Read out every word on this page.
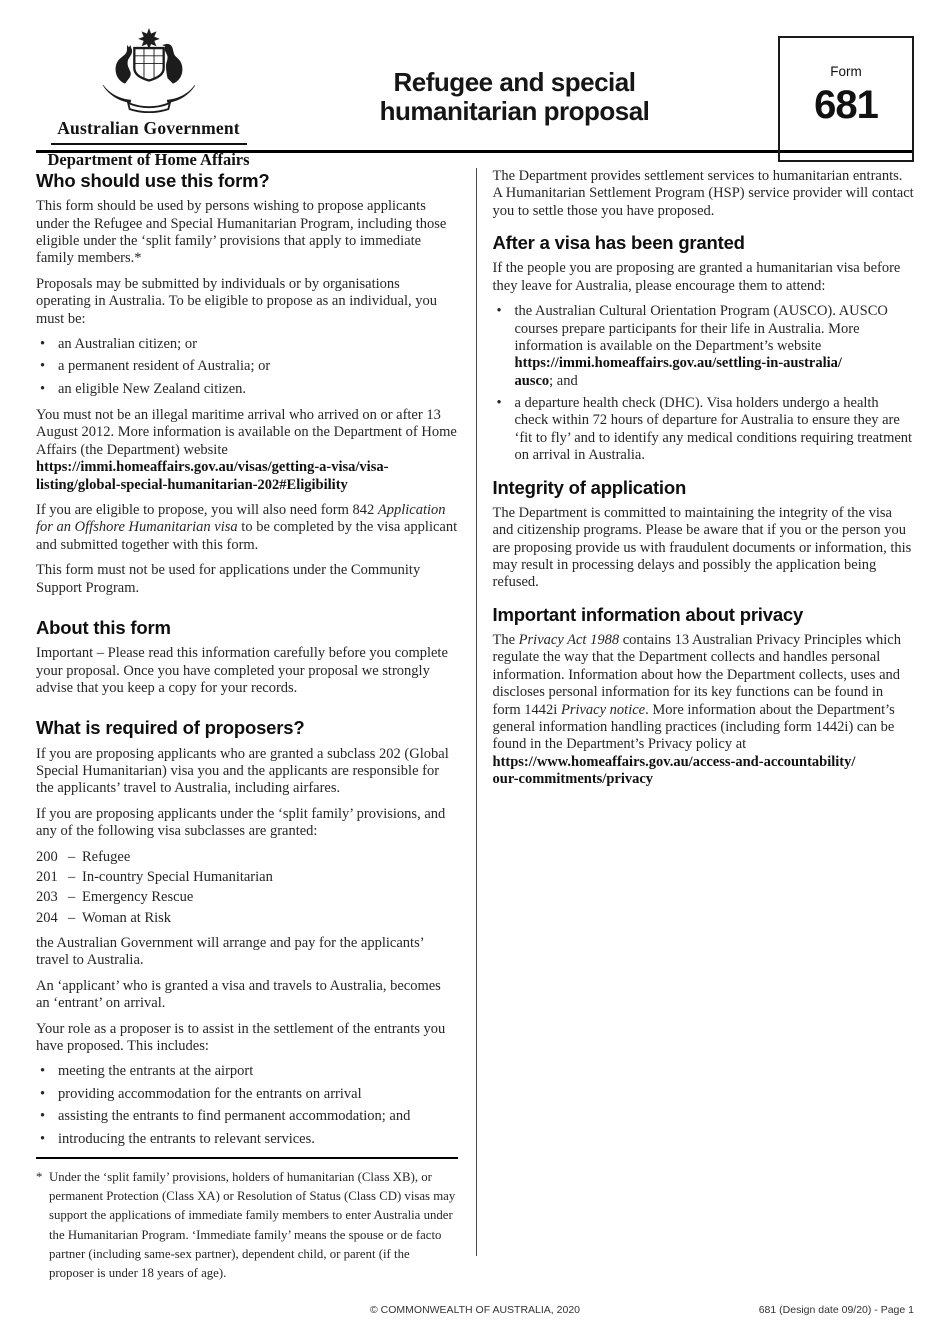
Australian Government
Department of Home Affairs
Refugee and special
humanitarian proposal
Form
681
Who should use this form?

This form should be used by persons wishing to propose applicants under the Refugee and Special Humanitarian Program, including those eligible under the ‘split family’ provisions that apply to immediate family members.*

Proposals may be submitted by individuals or by organisations operating in Australia. To be eligible to propose as an individual, you must be:

• an Australian citizen; or
• a permanent resident of Australia; or
• an eligible New Zealand citizen.

You must not be an illegal maritime arrival who arrived on or after 13 August 2012. More information is available on the Department of Home Affairs (the Department) website
https://immi.homeaffairs.gov.au/visas/getting-a-visa/visa-
listing/global-special-humanitarian-202#Eligibility

If you are eligible to propose, you will also need form 842 Application for an Offshore Humanitarian visa to be completed by the visa applicant and submitted together with this form.

This form must not be used for applications under the Community Support Program.

About this form

Important – Please read this information carefully before you complete your proposal. Once you have completed your proposal we strongly advise that you keep a copy for your records.

What is required of proposers?

If you are proposing applicants who are granted a subclass 202 (Global Special Humanitarian) visa you and the applicants are responsible for the applicants’ travel to Australia, including airfares.

If you are proposing applicants under the ‘split family’ provisions, and any of the following visa subclasses are granted:

200 – Refugee
201 – In-country Special Humanitarian
203 – Emergency Rescue
204 – Woman at Risk

the Australian Government will arrange and pay for the applicants’ travel to Australia.

An ‘applicant’ who is granted a visa and travels to Australia, becomes an ‘entrant’ on arrival.

Your role as a proposer is to assist in the settlement of the entrants you have proposed. This includes:

• meeting the entrants at the airport
• providing accommodation for the entrants on arrival
• assisting the entrants to find permanent accommodation; and
• introducing the entrants to relevant services.

* Under the ‘split family’ provisions, holders of humanitarian (Class XB), or permanent Protection (Class XA) or Resolution of Status (Class CD) visas may support the applications of immediate family members to enter Australia under the Humanitarian Program. ‘Immediate family’ means the spouse or de facto partner (including same-sex partner), dependent child, or parent (if the proposer is under 18 years of age).

The Department provides settlement services to humanitarian entrants. A Humanitarian Settlement Program (HSP) service provider will contact you to settle those you have proposed.

After a visa has been granted

If the people you are proposing are granted a humanitarian visa before they leave for Australia, please encourage them to attend:

• the Australian Cultural Orientation Program (AUSCO). AUSCO courses prepare participants for their life in Australia. More information is available on the Department’s website
https://immi.homeaffairs.gov.au/settling-in-australia/
ausco; and
• a departure health check (DHC). Visa holders undergo a health check within 72 hours of departure for Australia to ensure they are ‘fit to fly’ and to identify any medical conditions requiring treatment on arrival in Australia.
Integrity of application

The Department is committed to maintaining the integrity of the visa and citizenship programs. Please be aware that if you or the person you are proposing provide us with fraudulent documents or information, this may result in processing delays and possibly the application being refused.

Important information about privacy

The Privacy Act 1988 contains 13 Australian Privacy Principles which regulate the way that the Department collects and handles personal information. Information about how the Department collects, uses and discloses personal information for its key functions can be found in form 1442i Privacy notice. More information about the Department’s general information handling practices (including form 1442i) can be found in the Department’s Privacy policy at
https://www.homeaffairs.gov.au/access-and-accountability/
our-commitments/privacy

© COMMONWEALTH OF AUSTRALIA, 2020	681 (Design date 09/20) - Page 1
